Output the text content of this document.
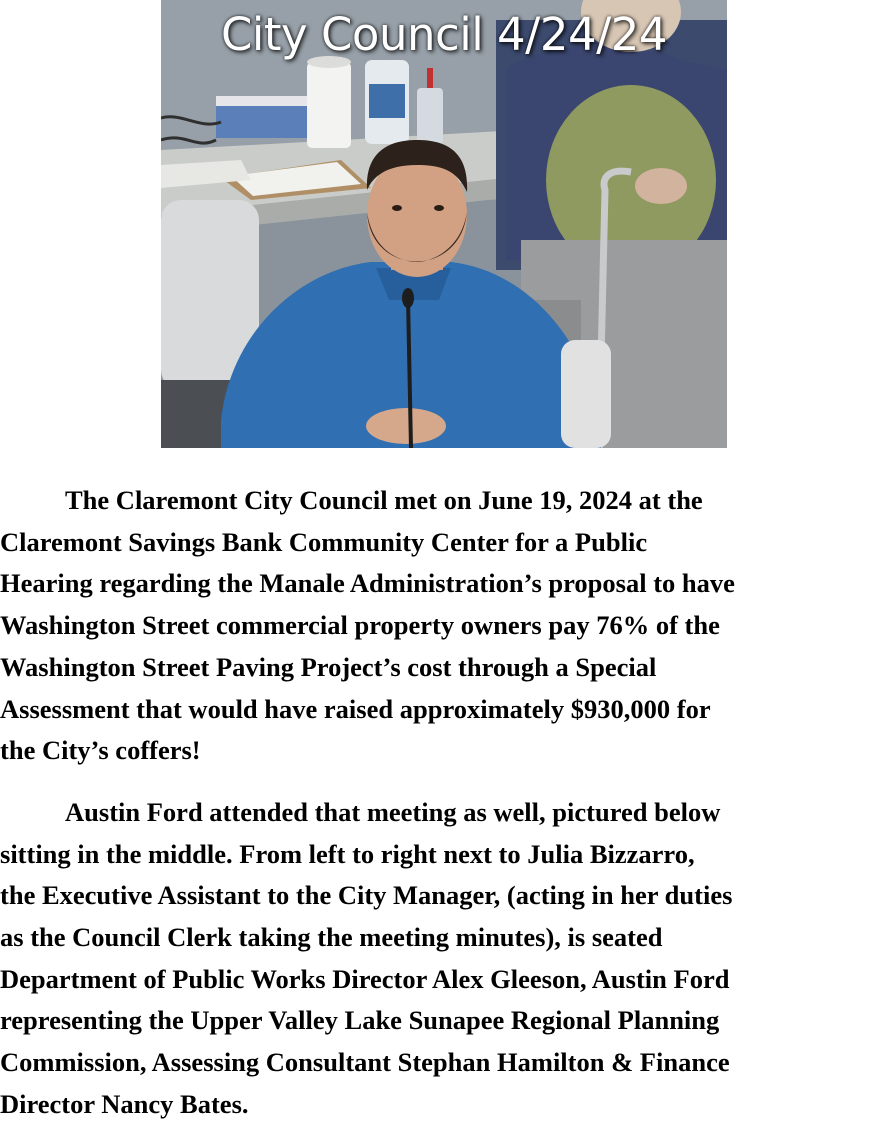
City Council 4/24/24

The Claremont City Council met on June 19, 2024 at the
Claremont Savings Bank Community Center for a Public
Hearing regarding the Manale Administration’s proposal to have
Washington Street commercial property owners pay 76% of the
Washington Street Paving Project’s cost through a Special
Assessment that would have raised approximately $930,000 for
the City’s coffers!

Austin Ford attended that meeting as well, pictured below
sitting in the middle. From left to right next to Julia Bizzarro,
the Executive Assistant to the City Manager, (acting in her duties
as the Council Clerk taking the meeting minutes), is seated
Department of Public Works Director Alex Gleeson, Austin Ford
representing the Upper Valley Lake Sunapee Regional Planning
Commission, Assessing Consultant Stephan Hamilton & Finance
Director Nancy Bates.
